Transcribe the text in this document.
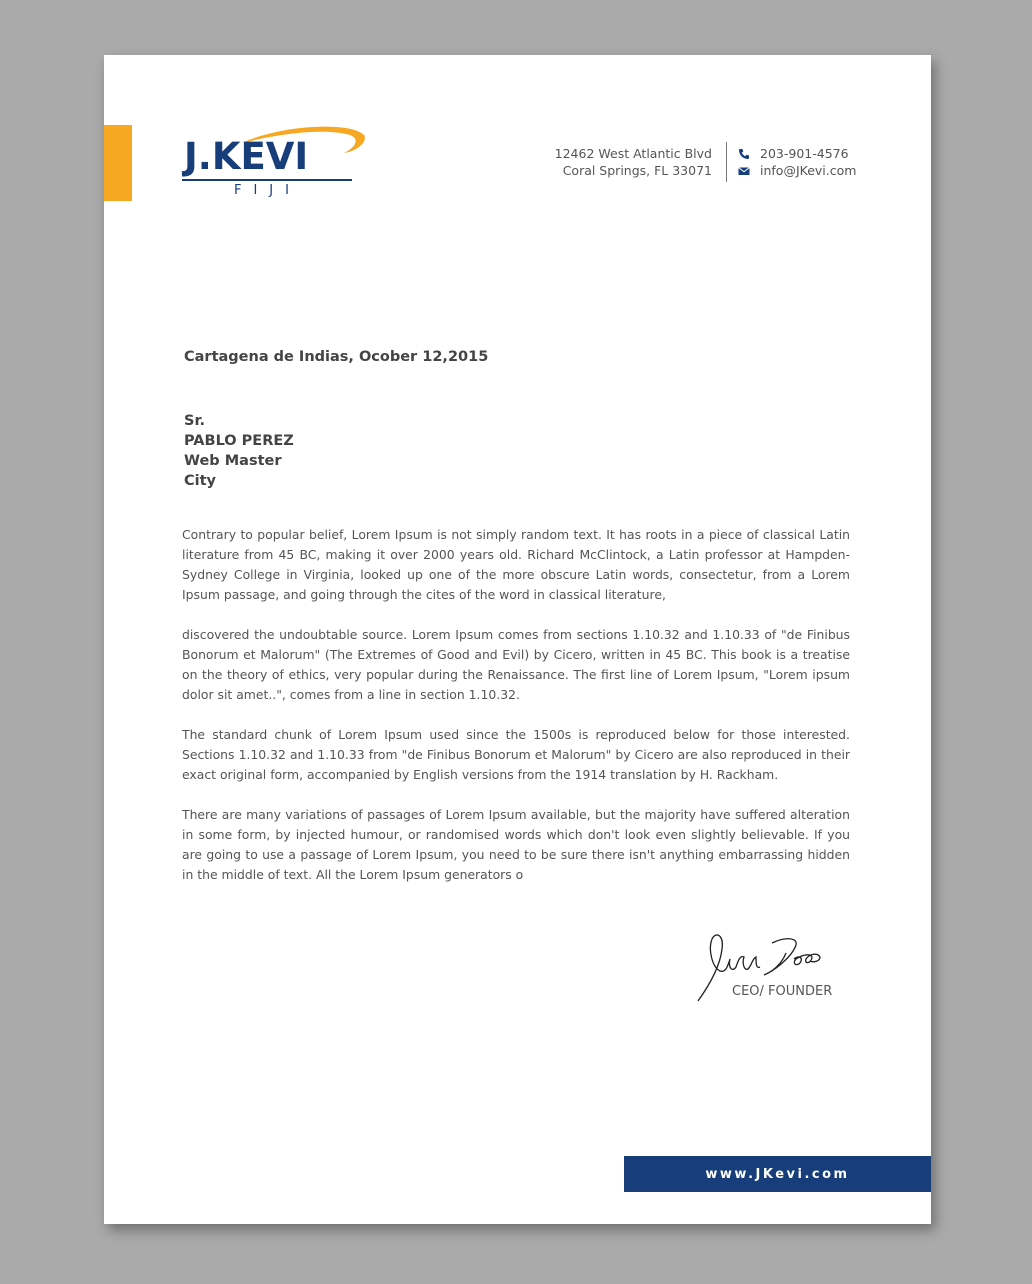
J.KEVI
FIJI
12462 West Atlantic Blvd
Coral Springs, FL 33071
203-901-4576
info@JKevi.com
Cartagena de Indias, Ocober 12,2015
Sr.
PABLO PEREZ
Web Master
City

Contrary to popular belief, Lorem Ipsum is not simply random text. It has roots in a piece of classical Latin literature from 45 BC, making it over 2000 years old. Richard McClintock, a Latin professor at Hampden-Sydney College in Virginia, looked up one of the more obscure Latin words, consectetur, from a Lorem Ipsum passage, and going through the cites of the word in classical literature,

discovered the undoubtable source. Lorem Ipsum comes from sections 1.10.32 and 1.10.33 of "de Finibus Bonorum et Malorum" (The Extremes of Good and Evil) by Cicero, written in 45 BC. This book is a treatise on the theory of ethics, very popular during the Renaissance. The first line of Lorem Ipsum, "Lorem ipsum dolor sit amet..", comes from a line in section 1.10.32.

The standard chunk of Lorem Ipsum used since the 1500s is reproduced below for those interested. Sections 1.10.32 and 1.10.33 from "de Finibus Bonorum et Malorum" by Cicero are also reproduced in their exact original form, accompanied by English versions from the 1914 translation by H. Rackham.

There are many variations of passages of Lorem Ipsum available, but the majority have suffered alteration in some form, by injected humour, or randomised words which don't look even slightly believable. If you are going to use a passage of Lorem Ipsum, you need to be sure there isn't anything embarrassing hidden in the middle of text. All the Lorem Ipsum generators o

CEO/ FOUNDER
www.JKevi.com
